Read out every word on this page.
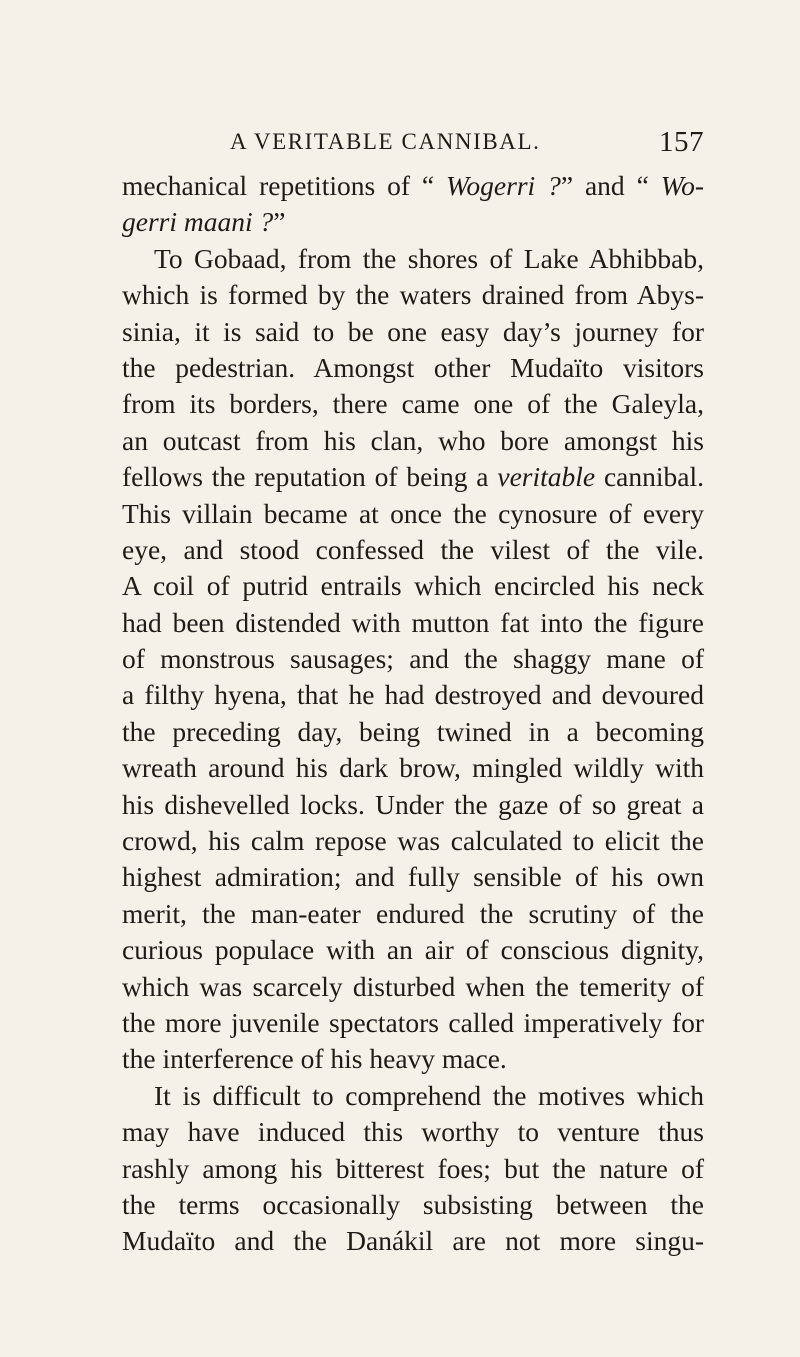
A VERITABLE CANNIBAL.	157
mechanical repetitions of “ Wogerri ?” and “ Wo-
gerri maani ?”
To Gobaad, from the shores of Lake Abhibbab,
which is formed by the waters drained from Abys-
sinia, it is said to be one easy day’s journey for
the pedestrian. Amongst other Mudaïto visitors
from its borders, there came one of the Galeyla,
an outcast from his clan, who bore amongst his
fellows the reputation of being a veritable cannibal.
This villain became at once the cynosure of every
eye, and stood confessed the vilest of the vile.
A coil of putrid entrails which encircled his neck
had been distended with mutton fat into the figure
of monstrous sausages; and the shaggy mane of
a filthy hyena, that he had destroyed and devoured
the preceding day, being twined in a becoming
wreath around his dark brow, mingled wildly with
his dishevelled locks. Under the gaze of so great a
crowd, his calm repose was calculated to elicit the
highest admiration; and fully sensible of his own
merit, the man-eater endured the scrutiny of the
curious populace with an air of conscious dignity,
which was scarcely disturbed when the temerity of
the more juvenile spectators called imperatively for
the interference of his heavy mace.
It is difficult to comprehend the motives which
may have induced this worthy to venture thus
rashly among his bitterest foes; but the nature of
the terms occasionally subsisting between the
Mudaïto and the Danákil are not more singu-
